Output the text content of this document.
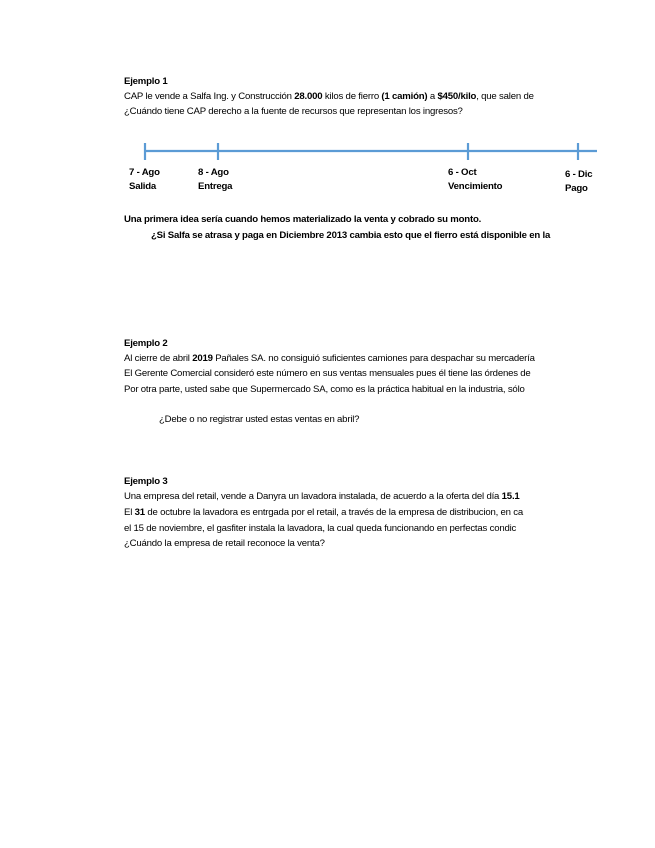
Ejemplo 1
CAP le vende a Salfa Ing. y Construcción 28.000 kilos de fierro (1 camión) a $450/kilo, que salen de
¿Cuándo tiene CAP derecho a la fuente de recursos que representan los ingresos?
7 - Ago
Salida
8 - Ago
Entrega
6 - Oct
Vencimiento
6 - Dic
Pago
Una primera idea sería cuando hemos materializado la venta y cobrado su monto.
¿Si Salfa se atrasa y paga en Diciembre 2013 cambia esto que el fierro está disponible en la
Ejemplo 2
Al cierre de abril 2019 Pañales SA. no consiguió suficientes camiones para despachar su mercadería
El Gerente Comercial consideró este número en sus ventas mensuales pues él tiene las órdenes de
Por otra parte, usted sabe que Supermercado SA, como es la práctica habitual en la industria, sólo
¿Debe o no registrar usted estas ventas en abril?
Ejemplo 3
Una empresa del retail, vende a Danyra un lavadora instalada, de acuerdo a la oferta del día 15.1
El 31 de octubre la lavadora es entrgada por el retail, a través de la empresa de distribucion, en ca
el 15 de noviembre, el gasfiter instala la lavadora, la cual queda funcionando en perfectas condic
¿Cuándo la empresa de retail reconoce la venta?
